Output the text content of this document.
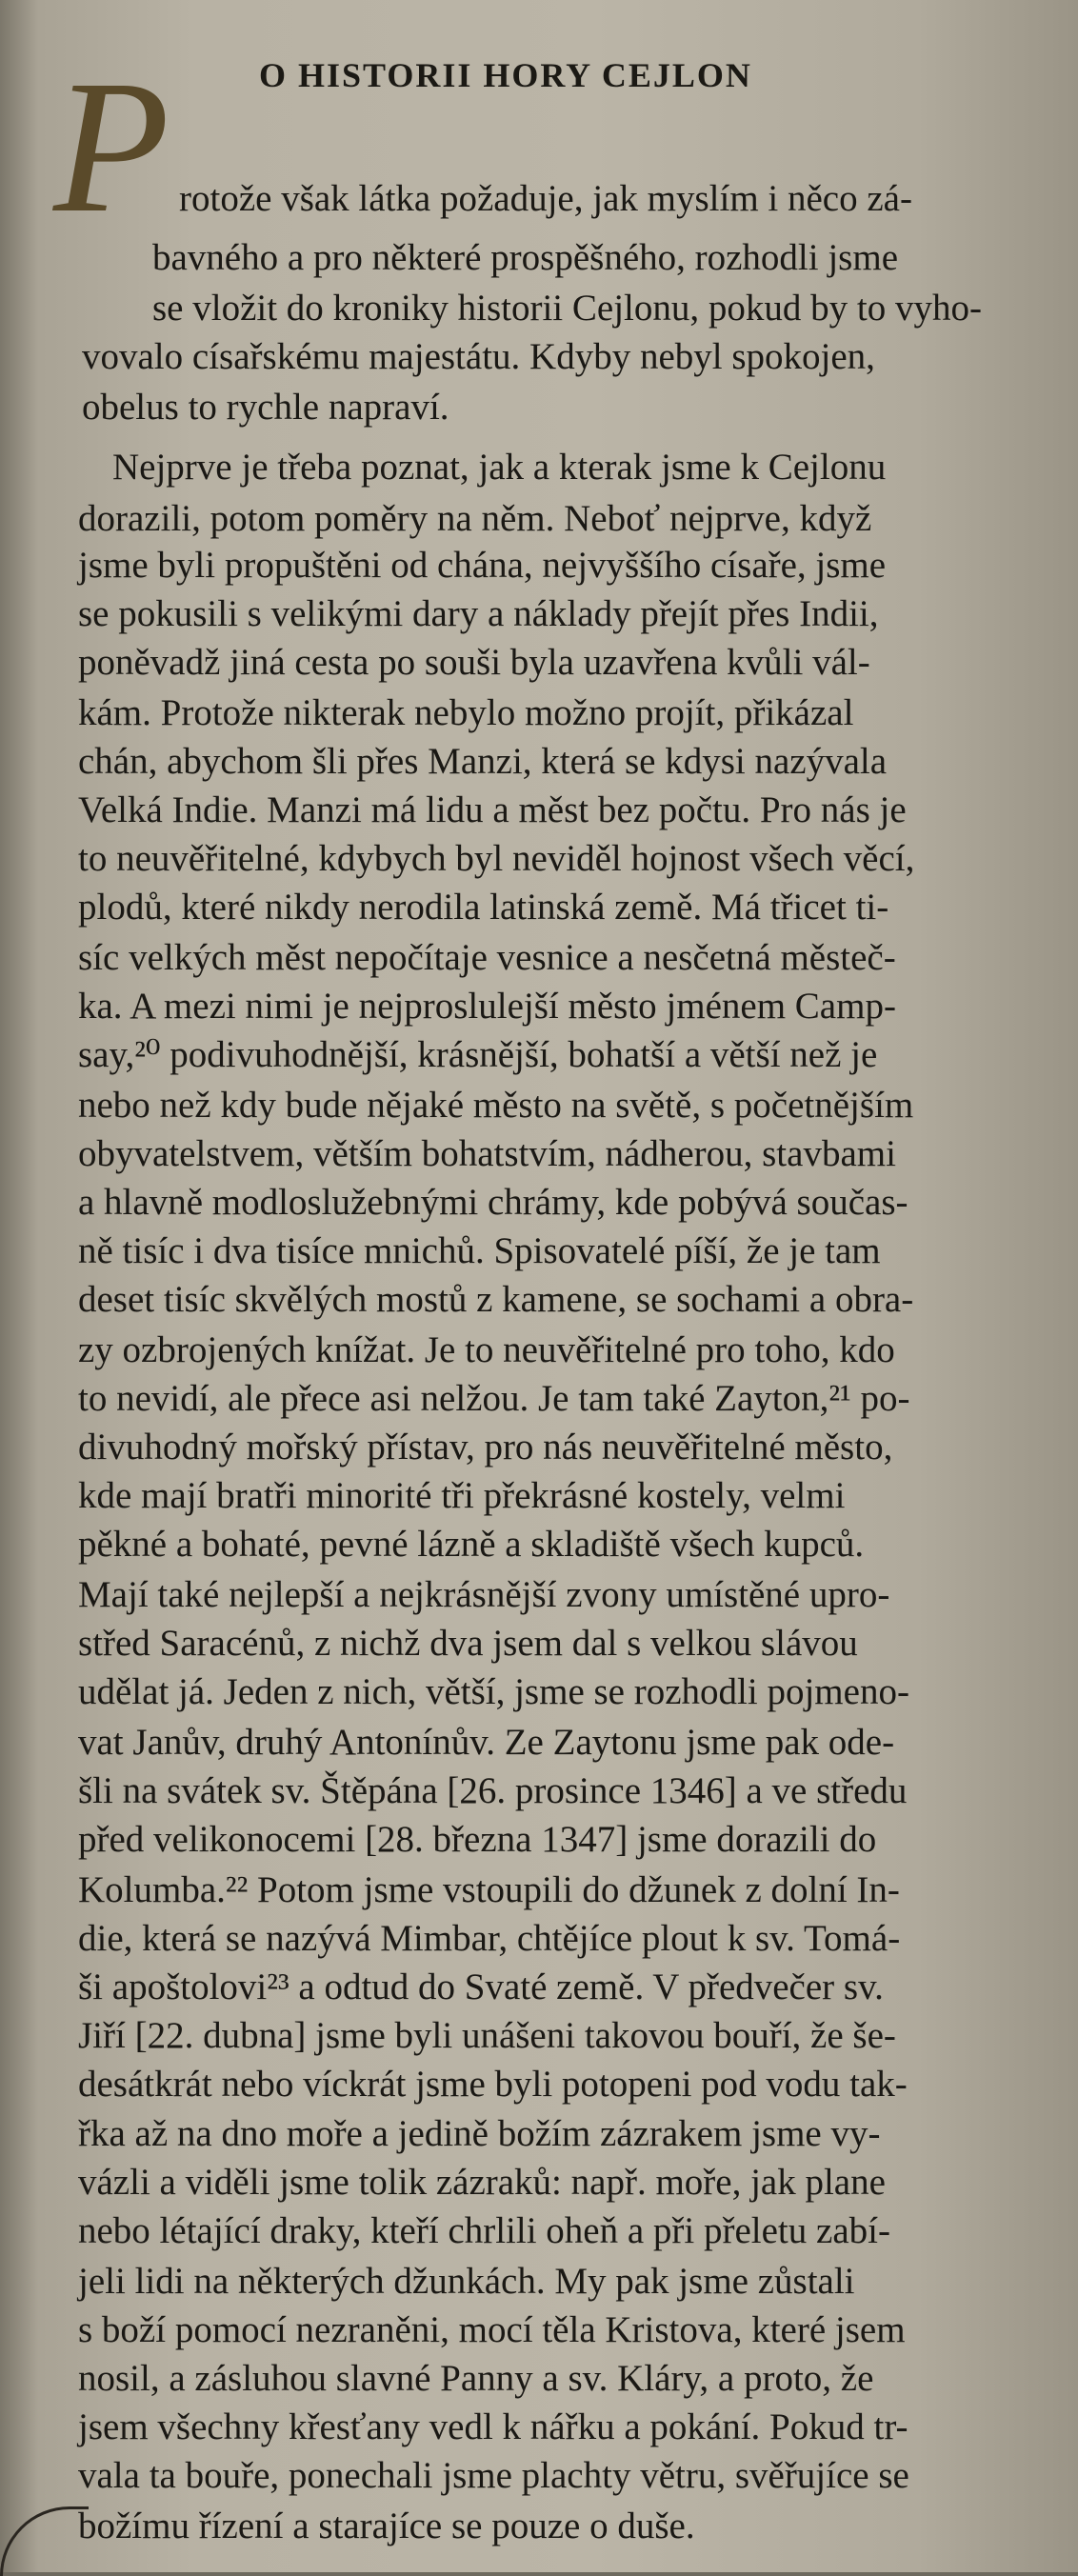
O HISTORII HORY CEJLON
P rotože však látka požaduje, jak myslím i něco zá-
bavného a pro některé prospěšného, rozhodli jsme
se vložit do kroniky historii Cejlonu, pokud by to vyho-
vovalo císařskému majestátu. Kdyby nebyl spokojen,
obelus to rychle napraví.
Nejprve je třeba poznat, jak a kterak jsme k Cejlonu
dorazili, potom poměry na něm. Neboť nejprve, když
jsme byli propuštěni od chána, nejvyššího císaře, jsme
se pokusili s velikými dary a náklady přejít přes Indii,
poněvadž jiná cesta po souši byla uzavřena kvůli vál-
kám. Protože nikterak nebylo možno projít, přikázal
chán, abychom šli přes Manzi, která se kdysi nazývala
Velká Indie. Manzi má lidu a měst bez počtu. Pro nás je
to neuvěřitelné, kdybych byl neviděl hojnost všech věcí,
plodů, které nikdy nerodila latinská země. Má třicet ti-
síc velkých měst nepočítaje vesnice a nesčetná městeč-
ka. A mezi nimi je nejproslulejší město jménem Camp-
say,²⁰ podivuhodnější, krásnější, bohatší a větší než je
nebo než kdy bude nějaké město na světě, s početnějším
obyvatelstvem, větším bohatstvím, nádherou, stavbami
a hlavně modloslužebnými chrámy, kde pobývá součas-
ně tisíc i dva tisíce mnichů. Spisovatelé píší, že je tam
deset tisíc skvělých mostů z kamene, se sochami a obra-
zy ozbrojených knížat. Je to neuvěřitelné pro toho, kdo
to nevidí, ale přece asi nelžou. Je tam také Zayton,²¹ po-
divuhodný mořský přístav, pro nás neuvěřitelné město,
kde mají bratři minorité tři překrásné kostely, velmi
pěkné a bohaté, pevné lázně a skladiště všech kupců.
Mají také nejlepší a nejkrásnější zvony umístěné upro-
střed Saracénů, z nichž dva jsem dal s velkou slávou
udělat já. Jeden z nich, větší, jsme se rozhodli pojmeno-
vat Janův, druhý Antonínův. Ze Zaytonu jsme pak ode-
šli na svátek sv. Štěpána [26. prosince 1346] a ve středu
před velikonocemi [28. března 1347] jsme dorazili do
Kolumba.²² Potom jsme vstoupili do džunek z dolní In-
die, která se nazývá Mimbar, chtějíce plout k sv. Tomá-
ši apoštolovi²³ a odtud do Svaté země. V předvečer sv.
Jiří [22. dubna] jsme byli unášeni takovou bouří, že še-
desátkrát nebo víckrát jsme byli potopeni pod vodu tak-
řka až na dno moře a jedině božím zázrakem jsme vy-
vázli a viděli jsme tolik zázraků: např. moře, jak plane
nebo létající draky, kteří chrlili oheň a při přeletu zabí-
jeli lidi na některých džunkách. My pak jsme zůstali
s boží pomocí nezraněni, mocí těla Kristova, které jsem
nosil, a zásluhou slavné Panny a sv. Kláry, a proto, že
jsem všechny křesťany vedl k nářku a pokání. Pokud tr-
vala ta bouře, ponechali jsme plachty větru, svěřujíce se
božímu řízení a starajíce se pouze o duše.
